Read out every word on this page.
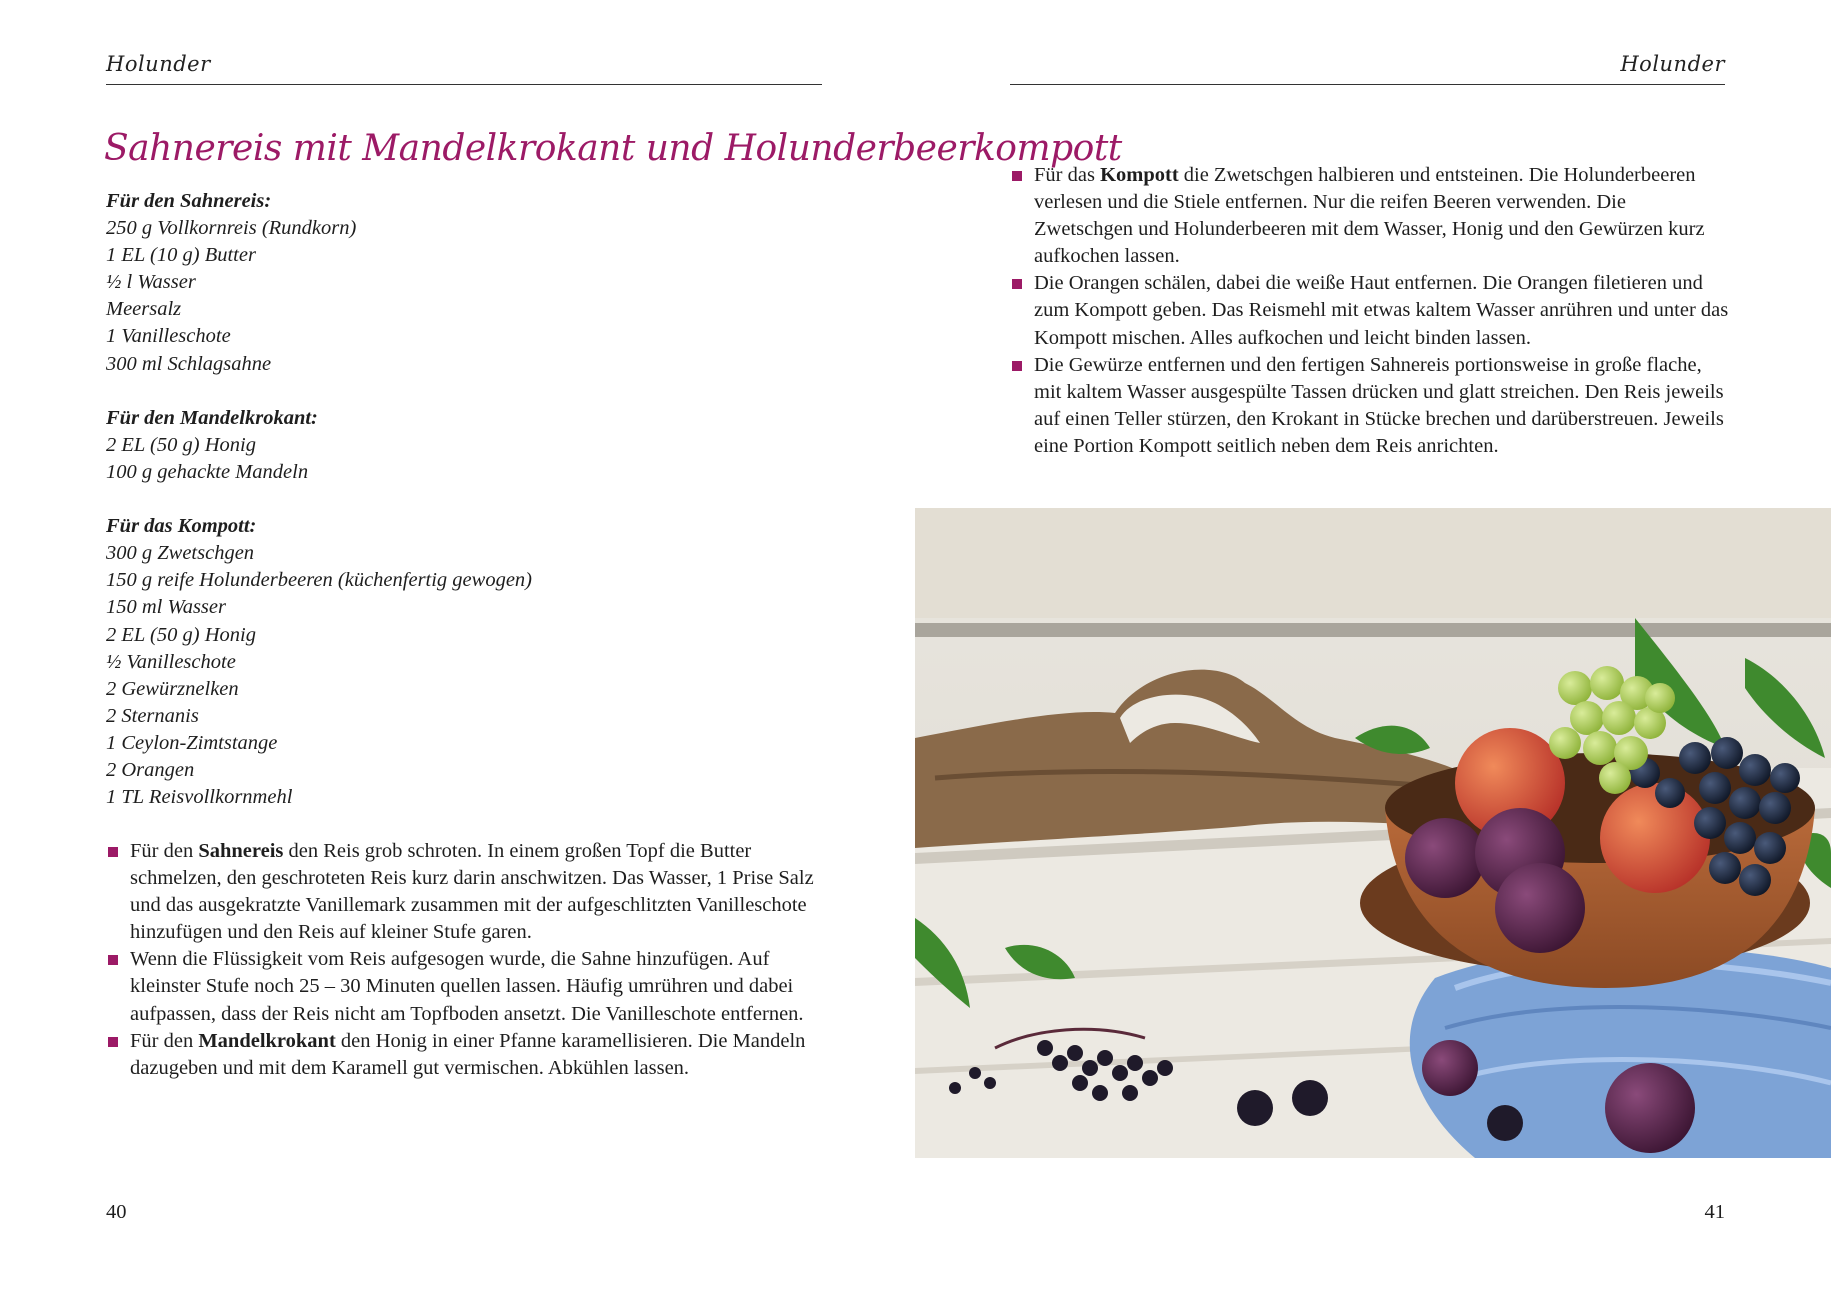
Holunder
Sahnereis mit Mandelkrokant und Holunderbeerkompott
Für den Sahnereis:
250 g Vollkornreis (Rundkorn)
1 EL (10 g) Butter
½ l Wasser
Meersalz
1 Vanilleschote
300 ml Schlagsahne
Für den Mandelkrokant:
2 EL (50 g) Honig
100 g gehackte Mandeln
Für das Kompott:
300 g Zwetschgen
150 g reife Holunderbeeren (küchenfertig gewogen)
150 ml Wasser
2 EL (50 g) Honig
½ Vanilleschote
2 Gewürznelken
2 Sternanis
1 Ceylon-Zimtstange
2 Orangen
1 TL Reisvollkornmehl
Für den Sahnereis den Reis grob schroten. In einem großen Topf die Butter schmelzen, den geschroteten Reis kurz darin anschwitzen. Das Wasser, 1 Prise Salz und das ausgekratzte Vanillemark zusammen mit der aufgeschlitzten Vanilleschote hinzufügen und den Reis auf kleiner Stufe garen.
Wenn die Flüssigkeit vom Reis aufgesogen wurde, die Sahne hinzufügen. Auf kleinster Stufe noch 25 – 30 Minuten quellen lassen. Häufig umrühren und dabei aufpassen, dass der Reis nicht am Topfboden ansetzt. Die Vanilleschote entfernen.
Für den Mandelkrokant den Honig in einer Pfanne karamellisieren. Die Mandeln dazugeben und mit dem Karamell gut vermischen. Abkühlen lassen.
40
Holunder
Für das Kompott die Zwetschgen halbieren und entsteinen. Die Holunderbeeren verlesen und die Stiele entfernen. Nur die reifen Beeren verwenden. Die Zwetschgen und Holunderbeeren mit dem Wasser, Honig und den Gewürzen kurz aufkochen lassen.
Die Orangen schälen, dabei die weiße Haut entfernen. Die Orangen filetieren und zum Kompott geben. Das Reismehl mit etwas kaltem Wasser anrühren und unter das Kompott mischen. Alles aufkochen und leicht binden lassen.
Die Gewürze entfernen und den fertigen Sahnereis portionsweise in große flache, mit kaltem Wasser ausgespülte Tassen drücken und glatt streichen. Den Reis jeweils auf einen Teller stürzen, den Krokant in Stücke brechen und darüberstreuen. Jeweils eine Portion Kompott seitlich neben dem Reis anrichten.
41
